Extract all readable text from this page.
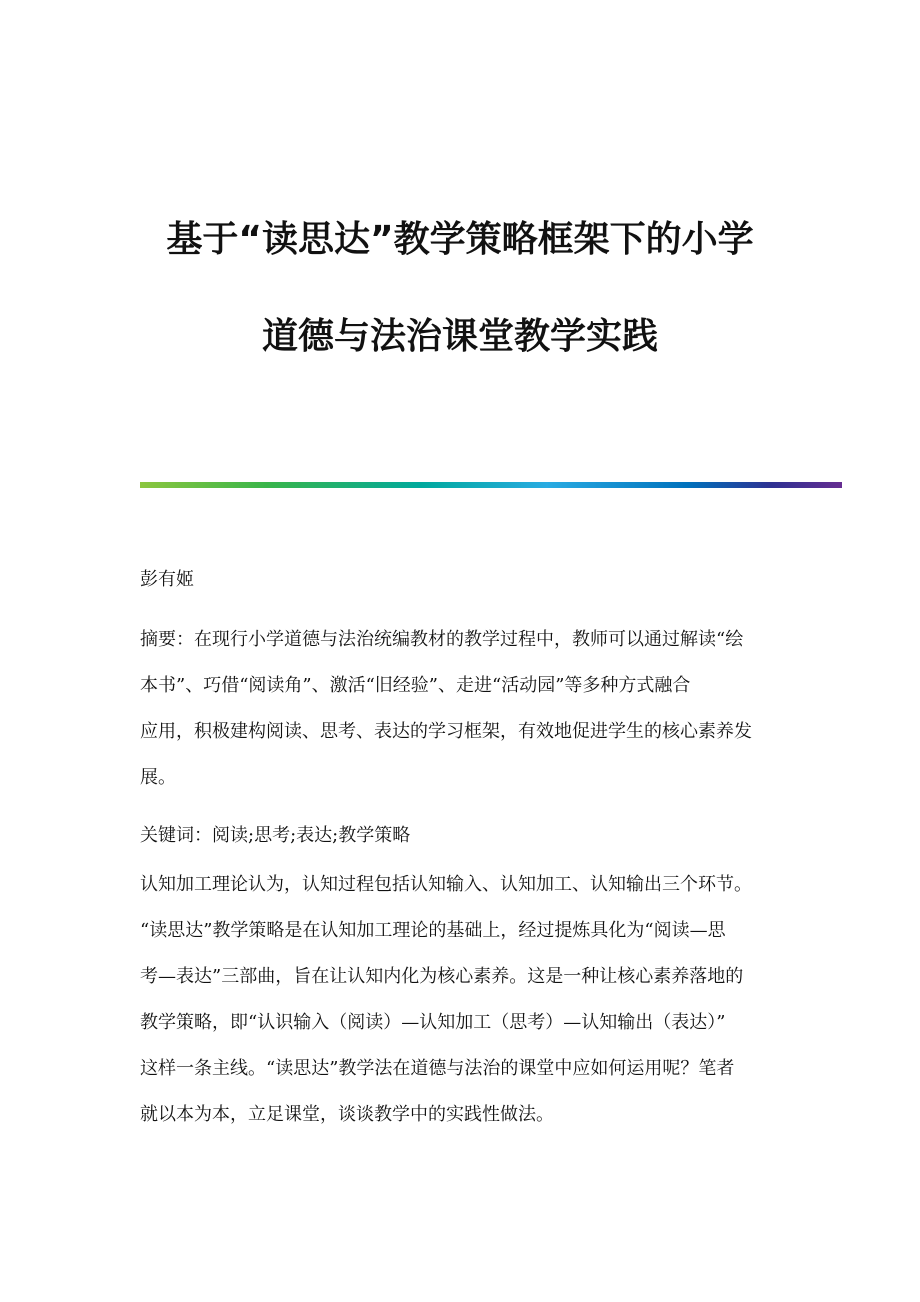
基于“读思达”教学策略框架下的小学
道德与法治课堂教学实践
彭有姬
摘要：在现行小学道德与法治统编教材的教学过程中，教师可以通过解读“绘
本书”、巧借“阅读角”、激活“旧经验”、走进“活动园”等多种方式融合
应用，积极建构阅读、思考、表达的学习框架，有效地促进学生的核心素养发
展。
关键词：阅读;思考;表达;教学策略
认知加工理论认为，认知过程包括认知输入、认知加工、认知输出三个环节。
“读思达”教学策略是在认知加工理论的基础上，经过提炼具化为“阅读—思
考—表达”三部曲，旨在让认知内化为核心素养。这是一种让核心素养落地的
教学策略，即“认识输入（阅读）—认知加工（思考）—认知输出（表达）”
这样一条主线。“读思达”教学法在道德与法治的课堂中应如何运用呢？笔者
就以本为本，立足课堂，谈谈教学中的实践性做法。
